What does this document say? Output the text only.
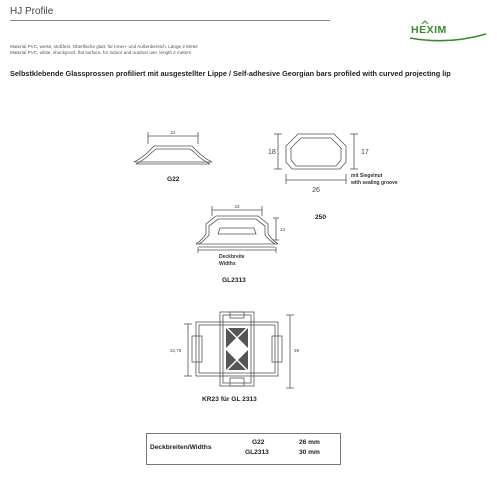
HJ Profile
Material PVC, weiss, stoßfest, Oberfläche glatt, für Innen- und Außenbereich, Länge 2 Meter
Material PVC, white, shockproof, flat surface, for indoor and outdoor use, length 2 meters
HEXIM
Selbstklebende Glassprossen profiliert mit ausgestellter Lippe / Self-adhesive Georgian bars profiled with curved projecting lip
22
G22
18	17
26
mit Siegelnut
with sealing groove
250
23
13
Deckbreite
Widths
GL2313
22,75	39
KR23 für GL 2313
Deckbreiten/Widths
G22	26 mm
GL2313	30 mm
